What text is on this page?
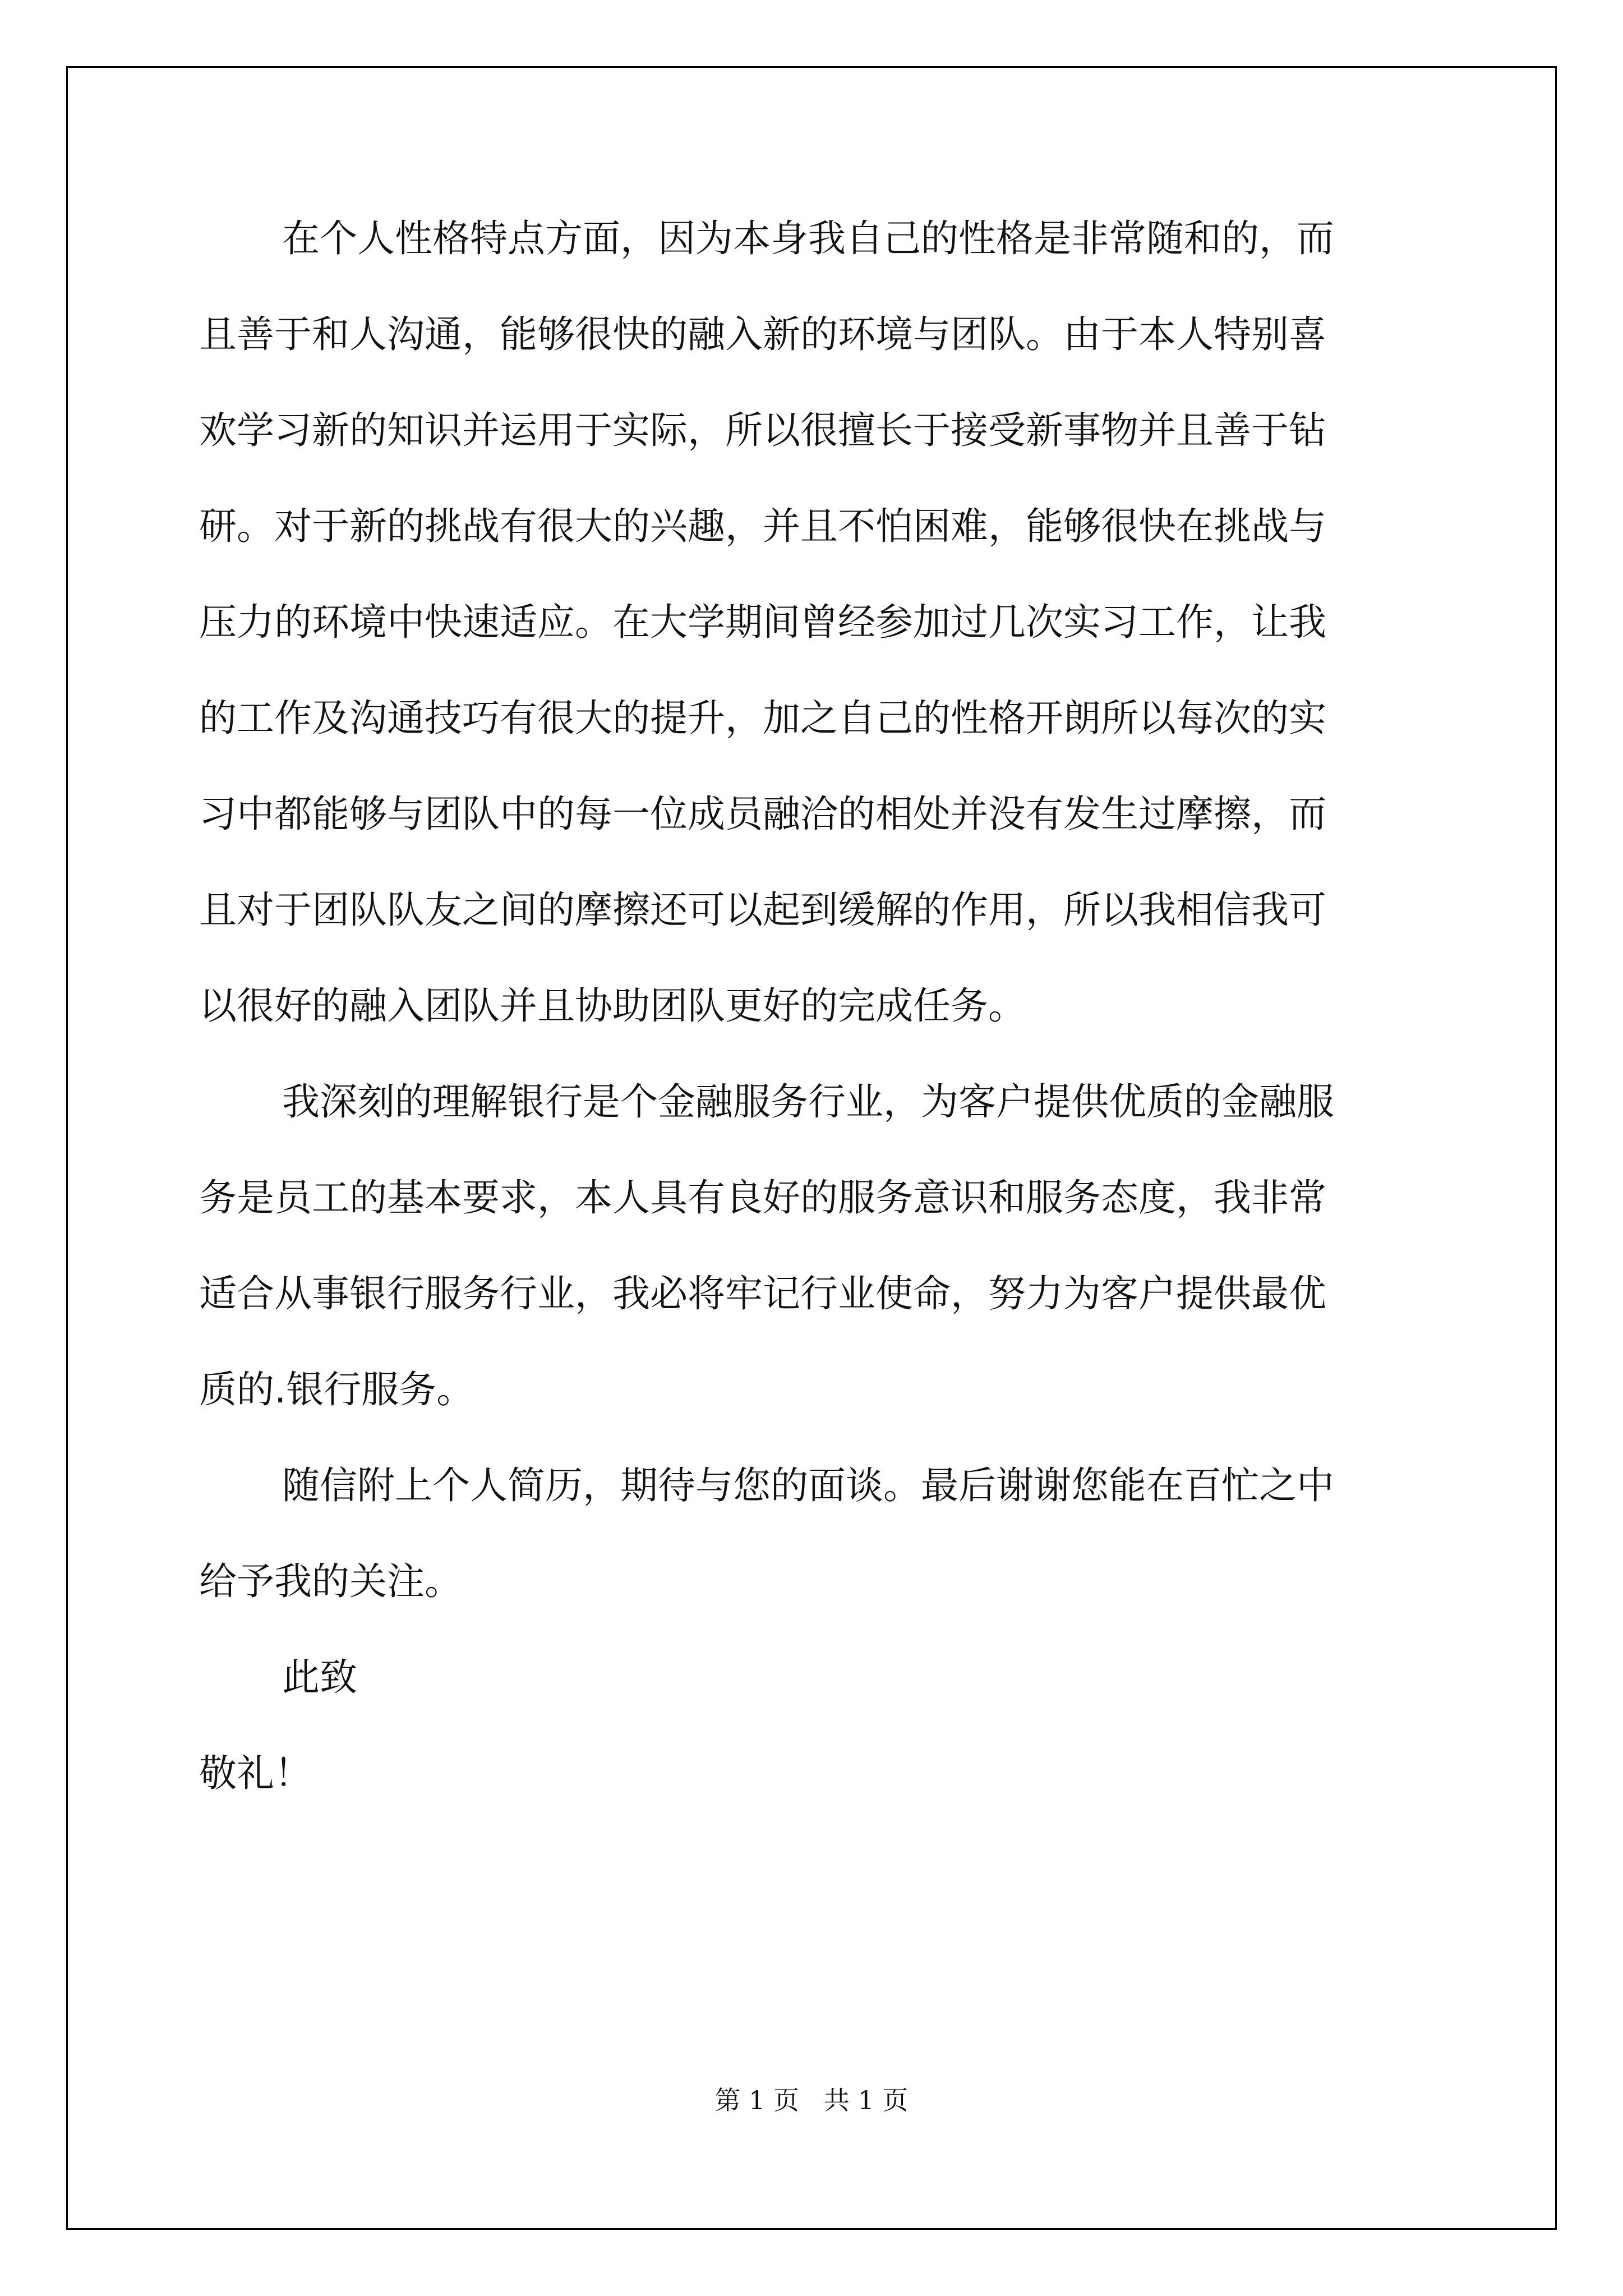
在个人性格特点方面，因为本身我自己的性格是非常随和的，而
且善于和人沟通，能够很快的融入新的环境与团队。由于本人特别喜
欢学习新的知识并运用于实际，所以很擅长于接受新事物并且善于钻
研。对于新的挑战有很大的兴趣，并且不怕困难，能够很快在挑战与
压力的环境中快速适应。在大学期间曾经参加过几次实习工作，让我
的工作及沟通技巧有很大的提升，加之自己的性格开朗所以每次的实
习中都能够与团队中的每一位成员融洽的相处并没有发生过摩擦，而
且对于团队队友之间的摩擦还可以起到缓解的作用，所以我相信我可
以很好的融入团队并且协助团队更好的完成任务。
我深刻的理解银行是个金融服务行业，为客户提供优质的金融服
务是员工的基本要求，本人具有良好的服务意识和服务态度，我非常
适合从事银行服务行业，我必将牢记行业使命，努力为客户提供最优
质的.银行服务。
随信附上个人简历，期待与您的面谈。最后谢谢您能在百忙之中
给予我的关注。
此致
敬礼！
第 1 页   共 1 页
